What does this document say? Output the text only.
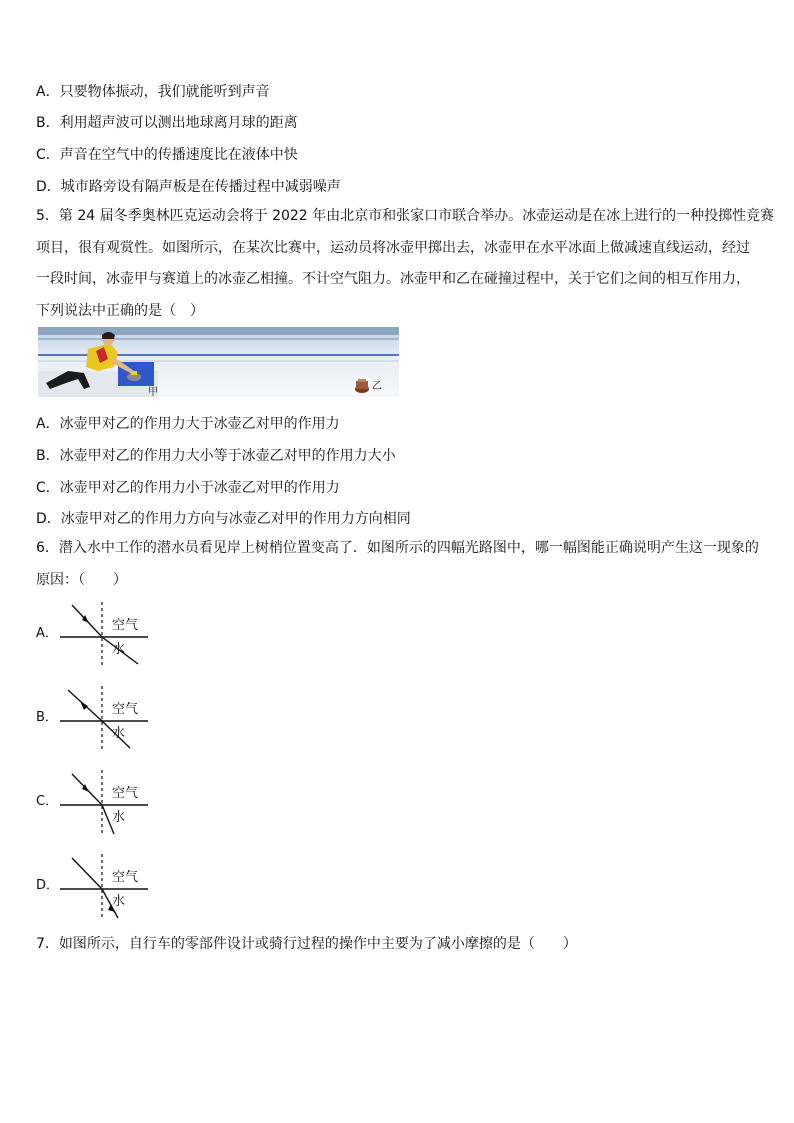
A．只要物体振动，我们就能听到声音
B．利用超声波可以测出地球离月球的距离
C．声音在空气中的传播速度比在液体中快
D．城市路旁设有隔声板是在传播过程中减弱噪声
5．第 24 届冬季奥林匹克运动会将于 2022 年由北京市和张家口市联合举办。冰壶运动是在冰上进行的一种投掷性竞赛
项目，很有观赏性。如图所示，在某次比赛中，运动员将冰壶甲掷出去，冰壶甲在水平冰面上做减速直线运动，经过
一段时间，冰壶甲与赛道上的冰壶乙相撞。不计空气阻力。冰壶甲和乙在碰撞过程中，关于它们之间的相互作用力，
下列说法中正确的是（　）
甲
乙
A．冰壶甲对乙的作用力大于冰壶乙对甲的作用力
B．冰壶甲对乙的作用力大小等于冰壶乙对甲的作用力大小
C．冰壶甲对乙的作用力小于冰壶乙对甲的作用力
D．冰壶甲对乙的作用力方向与冰壶乙对甲的作用力方向相同
6．潜入水中工作的潜水员看见岸上树梢位置变高了．如图所示的四幅光路图中，哪一幅图能正确说明产生这一现象的
原因：（　　）
A．
空气
水
B．
空气
水
C．
空气
水
D．
空气
水
7．如图所示，自行车的零部件设计或骑行过程的操作中主要为了减小摩擦的是（　　）
